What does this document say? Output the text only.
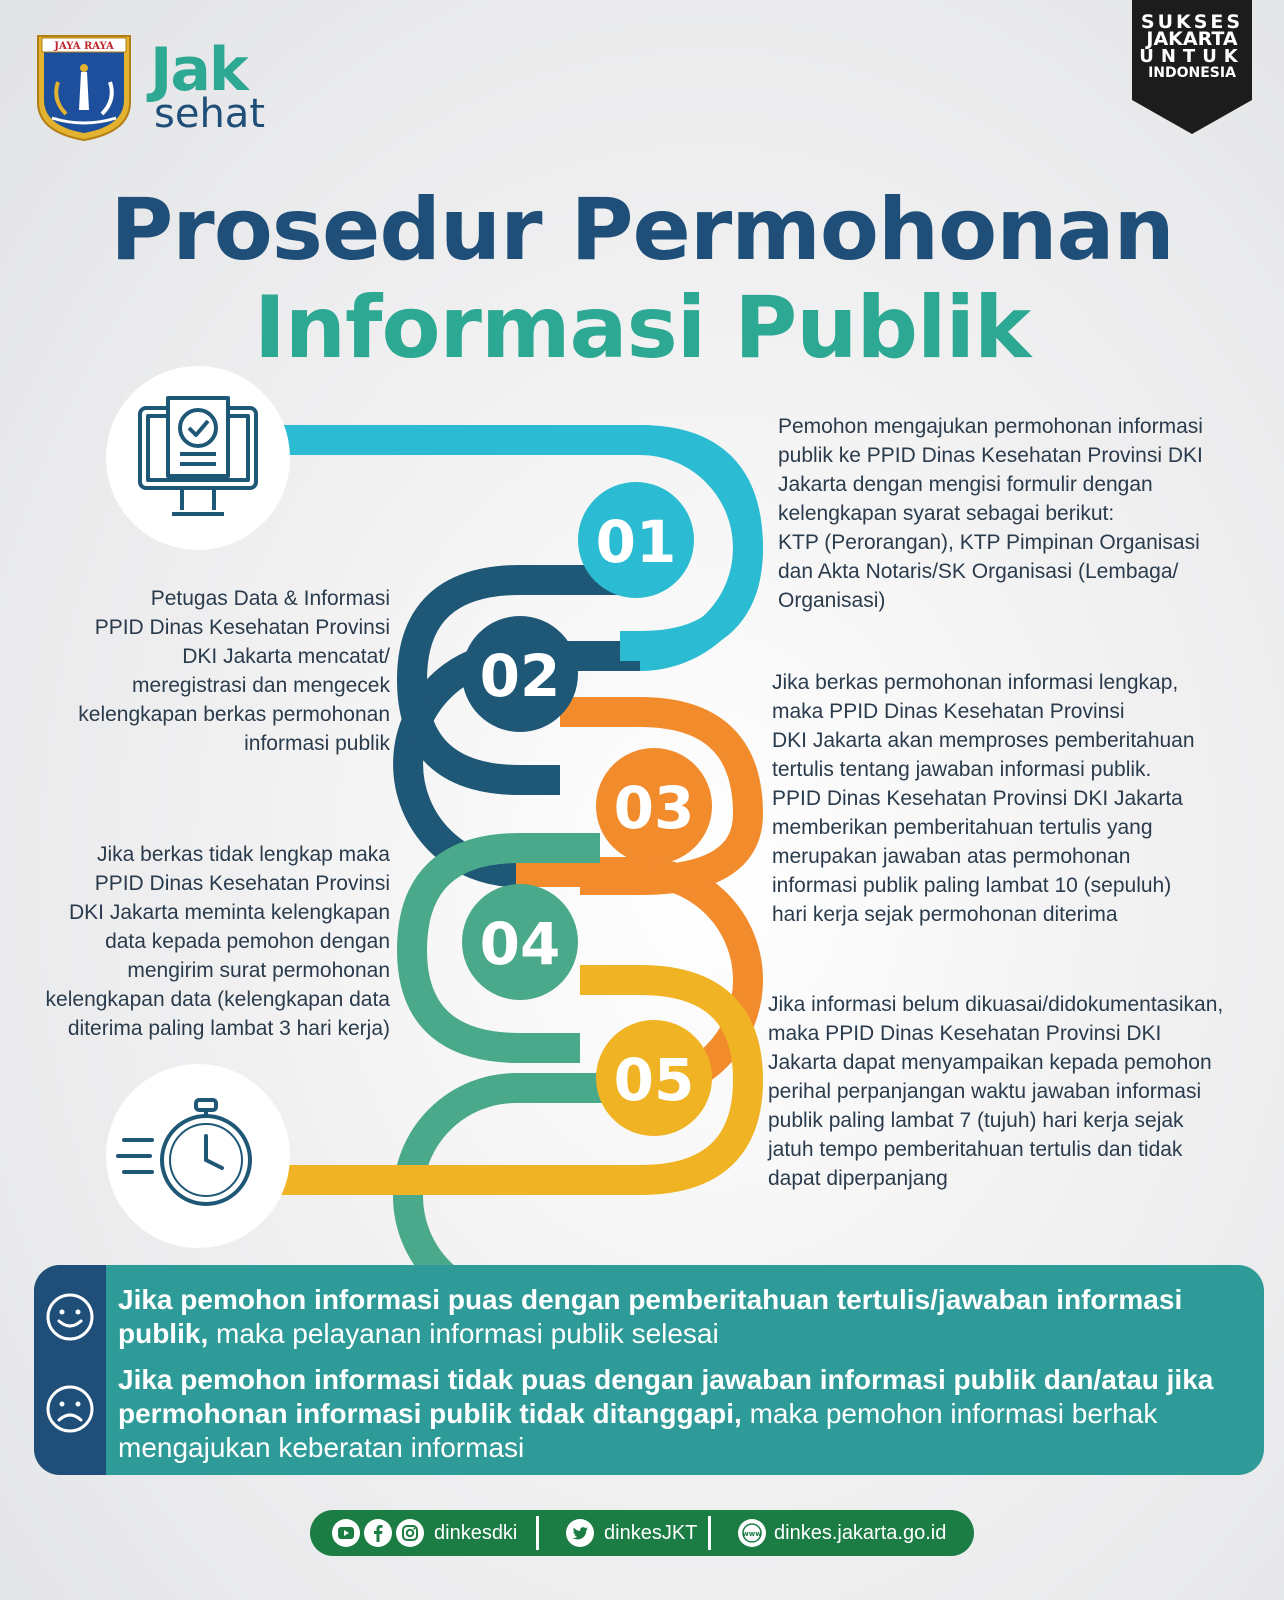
JAYA RAYA Jak
sehat
SUKSES
JAKARTA
UNTUK
INDONESIA
Prosedur Permohonan
Informasi Publik
01
02
03
04
05
Pemohon mengajukan permohonan informasi
publik ke PPID Dinas Kesehatan Provinsi DKI
Jakarta dengan mengisi formulir dengan
kelengkapan syarat sebagai berikut:
KTP (Perorangan), KTP Pimpinan Organisasi
dan Akta Notaris/SK Organisasi (Lembaga/
Organisasi)
Petugas Data & Informasi
PPID Dinas Kesehatan Provinsi
DKI Jakarta mencatat/
meregistrasi dan mengecek
kelengkapan berkas permohonan
informasi publik
Jika berkas permohonan informasi lengkap,
maka PPID Dinas Kesehatan Provinsi
DKI Jakarta akan memproses pemberitahuan
tertulis tentang jawaban informasi publik.
PPID Dinas Kesehatan Provinsi DKI Jakarta
memberikan pemberitahuan tertulis yang
merupakan jawaban atas permohonan
informasi publik paling lambat 10 (sepuluh)
hari kerja sejak permohonan diterima
Jika berkas tidak lengkap maka
PPID Dinas Kesehatan Provinsi
DKI Jakarta meminta kelengkapan
data kepada pemohon dengan
mengirim surat permohonan
kelengkapan data (kelengkapan data
diterima paling lambat 3 hari kerja)
Jika informasi belum dikuasai/didokumentasikan,
maka PPID Dinas Kesehatan Provinsi DKI
Jakarta dapat menyampaikan kepada pemohon
perihal perpanjangan waktu jawaban informasi
publik paling lambat 7 (tujuh) hari kerja sejak
jatuh tempo pemberitahuan tertulis dan tidak
dapat diperpanjang
Jika pemohon informasi puas dengan pemberitahuan tertulis/jawaban informasi publik, maka pelayanan informasi publik selesai
Jika pemohon informasi tidak puas dengan jawaban informasi publik dan/atau jika permohonan informasi publik tidak ditanggapi, maka pemohon informasi berhak mengajukan keberatan informasi
dinkesdki	dinkesJKT	www dinkes.jakarta.go.id
